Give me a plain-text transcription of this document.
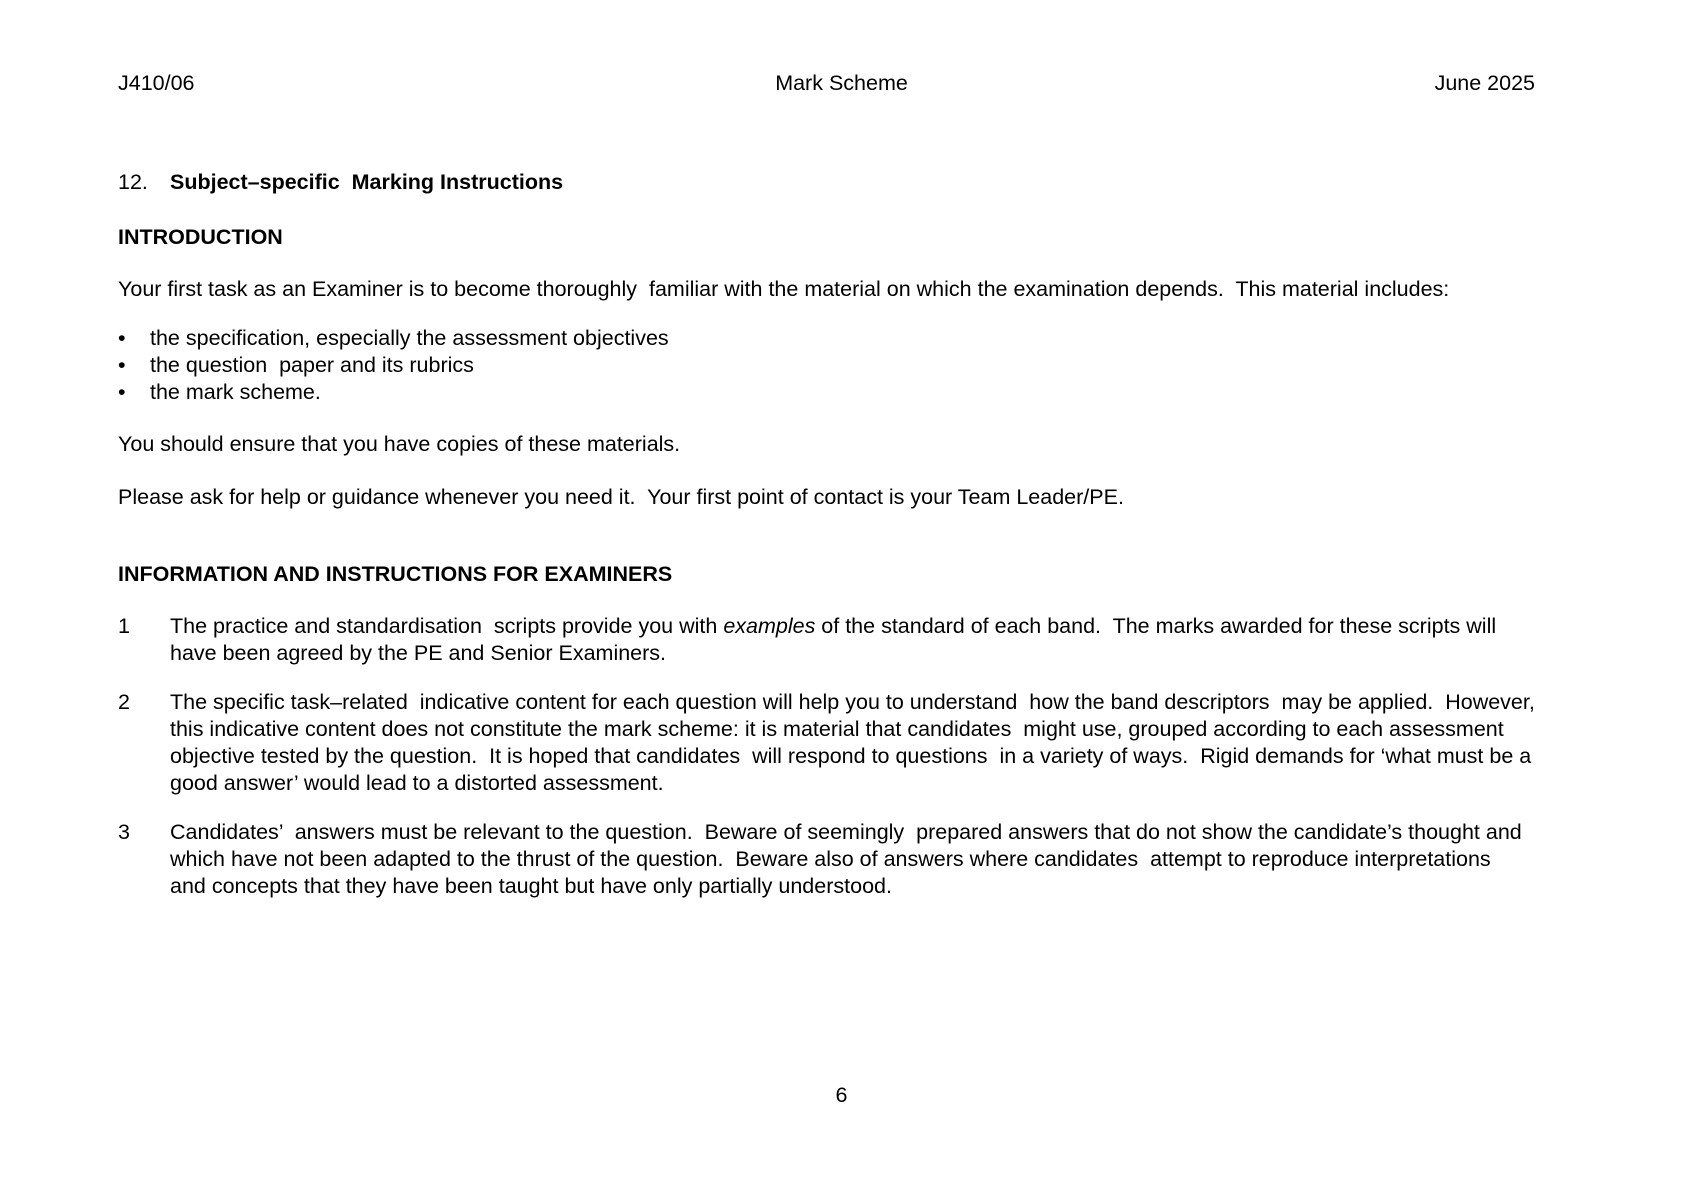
J410/06

	Mark Scheme

	June 2025

12.	Subject–specific  Marking Instructions
INTRODUCTION
Your first task as an Examiner is to become thoroughly  familiar with the material on which the examination depends.  This material includes:
•	the specification, especially the assessment objectives
•	the question  paper and its rubrics
•	the mark scheme.
You should ensure that you have copies of these materials.
Please ask for help or guidance whenever you need it.  Your first point of contact is your Team Leader/PE.
INFORMATION AND INSTRUCTIONS FOR EXAMINERS
1	The practice and standardisation  scripts provide you with examples of the standard of each band.  The marks awarded for these scripts will have been agreed by the PE and Senior Examiners.
2	The specific task–related  indicative content for each question will help you to understand  how the band descriptors  may be applied.  However, this indicative content does not constitute the mark scheme: it is material that candidates  might use, grouped according to each assessment  objective tested by the question.  It is hoped that candidates  will respond to questions  in a variety of ways.  Rigid demands for ‘what must be a good answer’ would lead to a distorted assessment.
3	Candidates’  answers must be relevant to the question.  Beware of seemingly  prepared answers that do not show the candidate’s thought and which have not been adapted to the thrust of the question.  Beware also of answers where candidates  attempt to reproduce interpretations  and concepts that they have been taught but have only partially understood.
6
